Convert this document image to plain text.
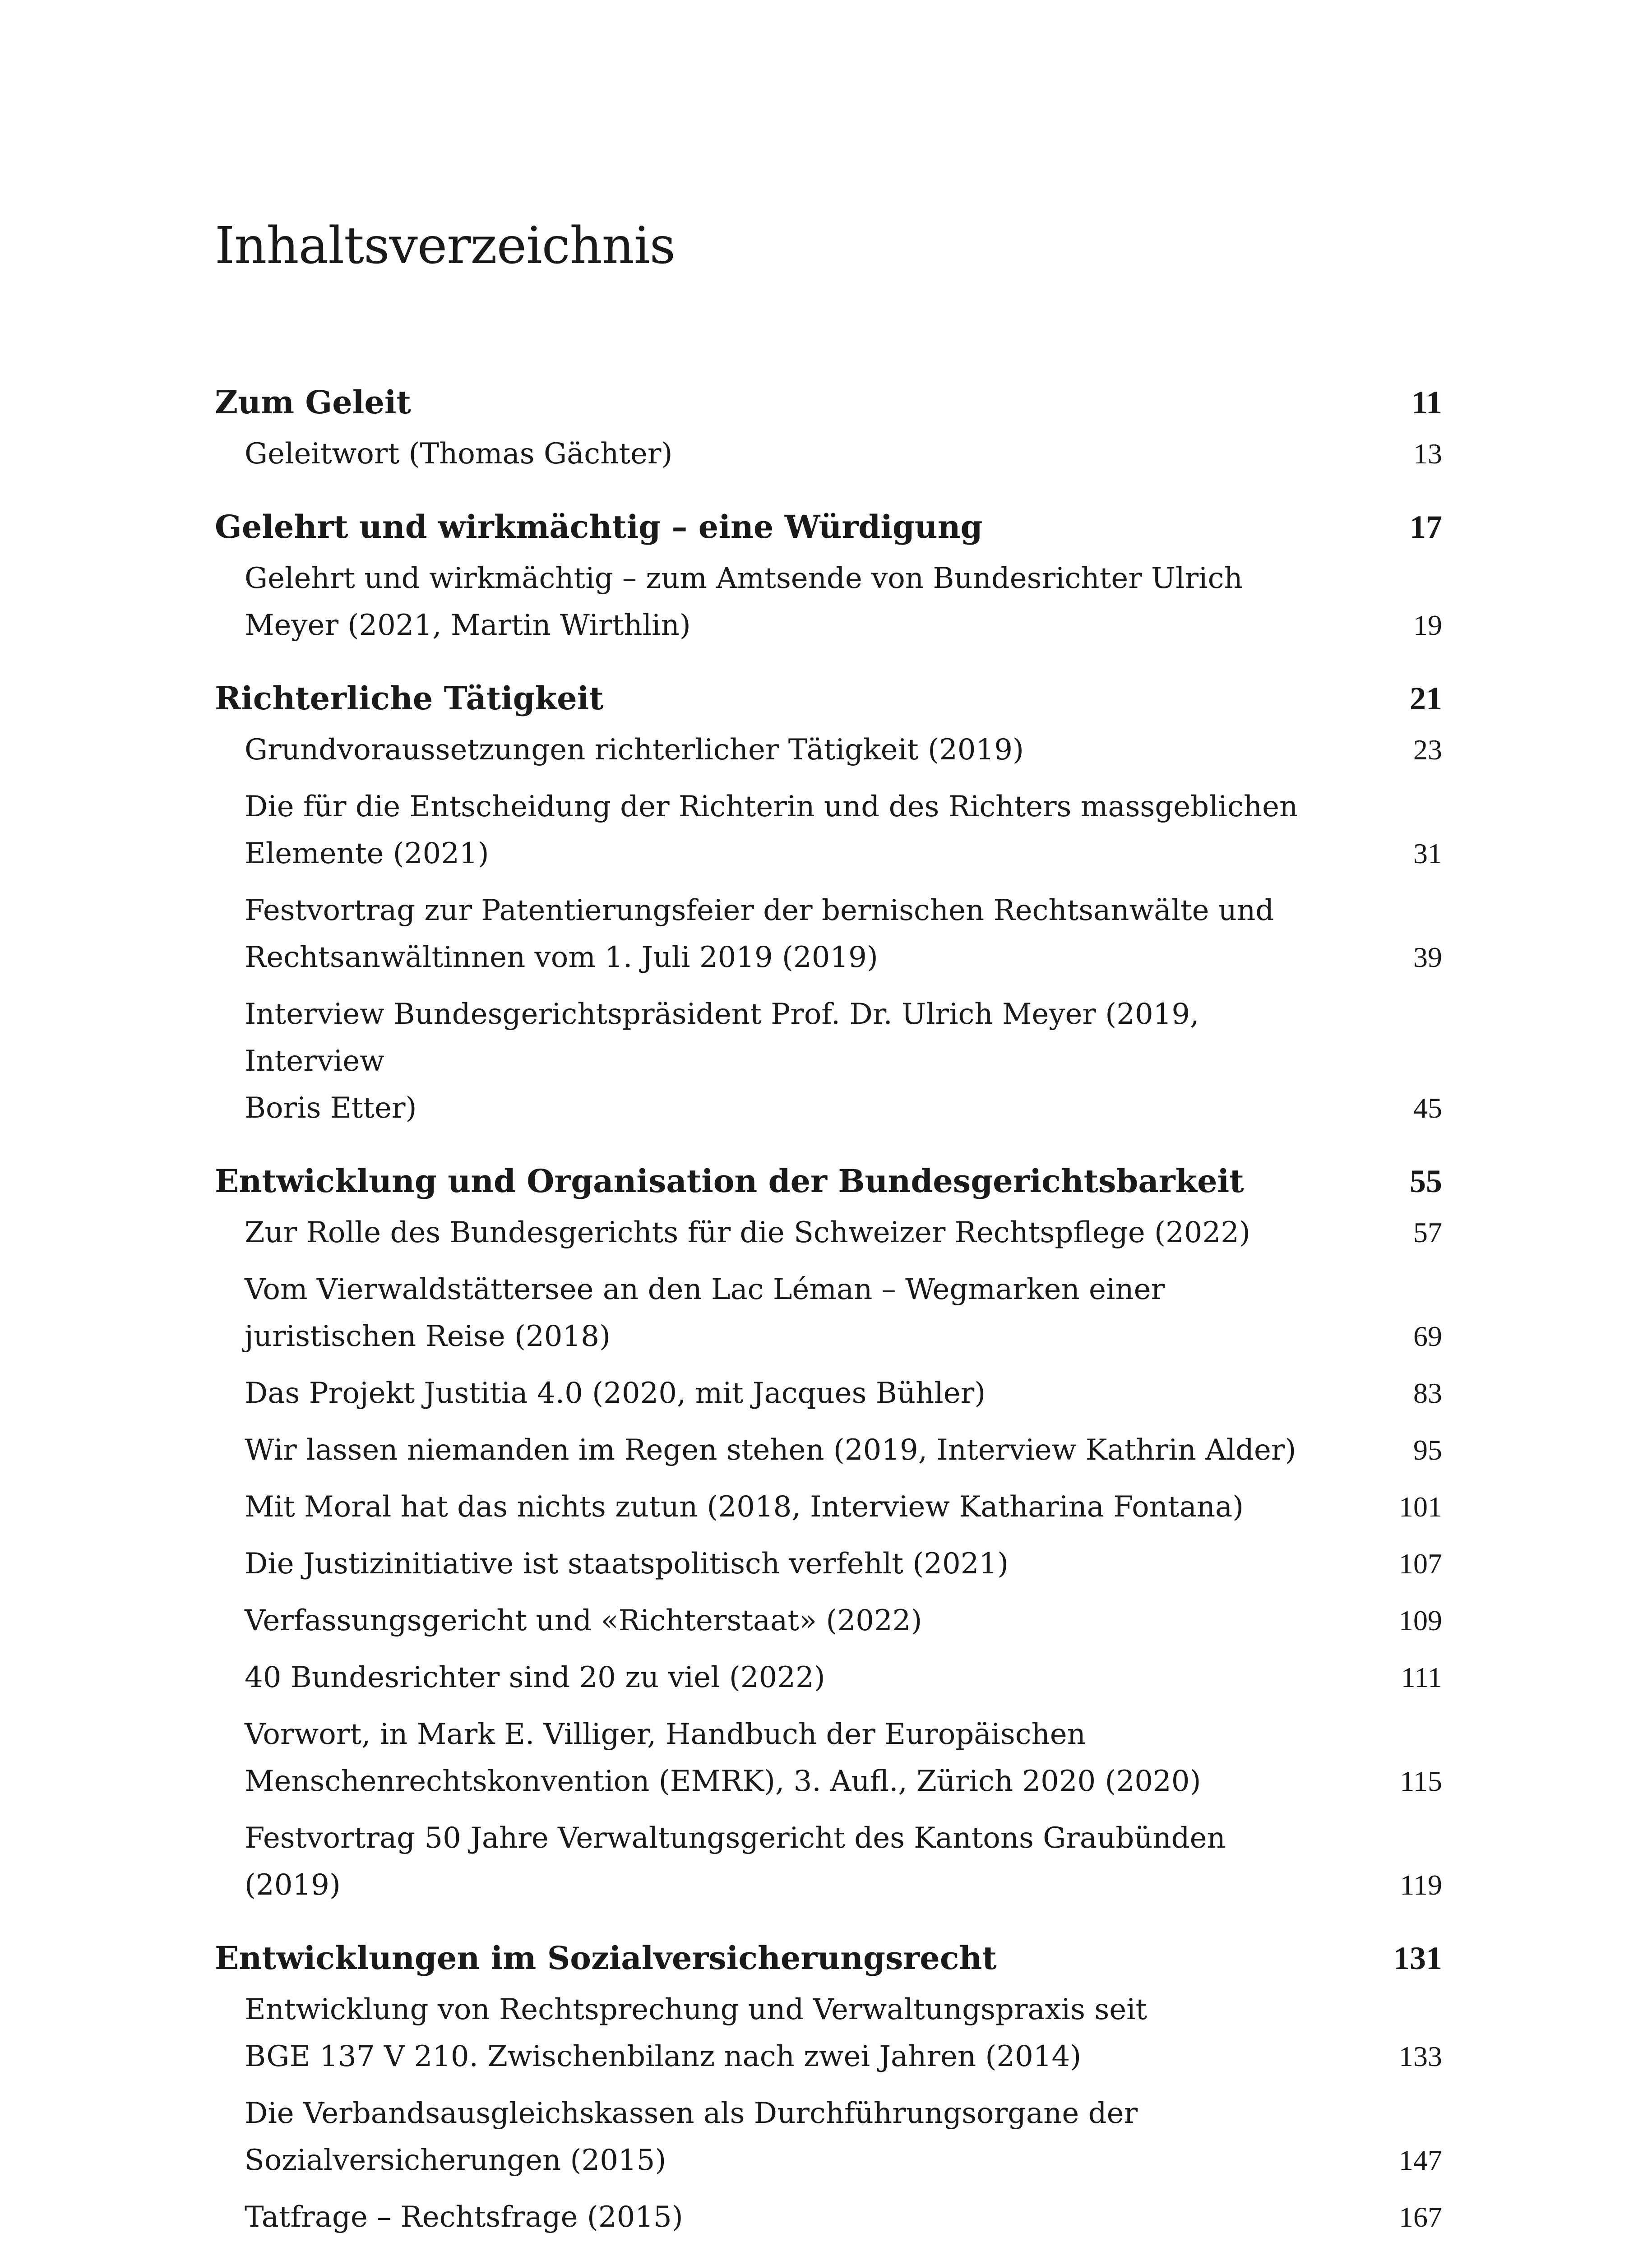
Inhaltsverzeichnis
Zum Geleit	11
Geleitwort (Thomas Gächter)	13
Gelehrt und wirkmächtig – eine Würdigung	17
Gelehrt und wirkmächtig – zum Amtsende von Bundesrichter Ulrich
Meyer (2021, Martin Wirthlin)	19
Richterliche Tätigkeit	21
Grundvoraussetzungen richterlicher Tätigkeit (2019)	23
Die für die Entscheidung der Richterin und des Richters massgeblichen
Elemente (2021)	31
Festvortrag zur Patentierungsfeier der bernischen Rechtsanwälte und
Rechtsanwältinnen vom 1. Juli 2019 (2019)	39
Interview Bundesgerichtspräsident Prof. Dr. Ulrich Meyer (2019, Interview
Boris Etter)	45
Entwicklung und Organisation der Bundesgerichtsbarkeit	55
Zur Rolle des Bundesgerichts für die Schweizer Rechtspflege (2022)	57
Vom Vierwaldstättersee an den Lac Léman – Wegmarken einer
juristischen Reise (2018)	69
Das Projekt Justitia 4.0 (2020, mit Jacques Bühler)	83
Wir lassen niemanden im Regen stehen (2019, Interview Kathrin Alder)	95
Mit Moral hat das nichts zutun (2018, Interview Katharina Fontana)	101
Die Justizinitiative ist staatspolitisch verfehlt (2021)	107
Verfassungsgericht und «Richterstaat» (2022)	109
40 Bundesrichter sind 20 zu viel (2022)	111
Vorwort, in Mark E. Villiger, Handbuch der Europäischen
Menschenrechtskonvention (EMRK), 3. Aufl., Zürich 2020 (2020)	115
Festvortrag 50 Jahre Verwaltungsgericht des Kantons Graubünden (2019)	119
Entwicklungen im Sozialversicherungsrecht	131
Entwicklung von Rechtsprechung und Verwaltungspraxis seit
BGE 137 V 210. Zwischenbilanz nach zwei Jahren (2014)	133
Die Verbandsausgleichskassen als Durchführungsorgane der
Sozialversicherungen (2015)	147
Tatfrage – Rechtsfrage (2015)	167
